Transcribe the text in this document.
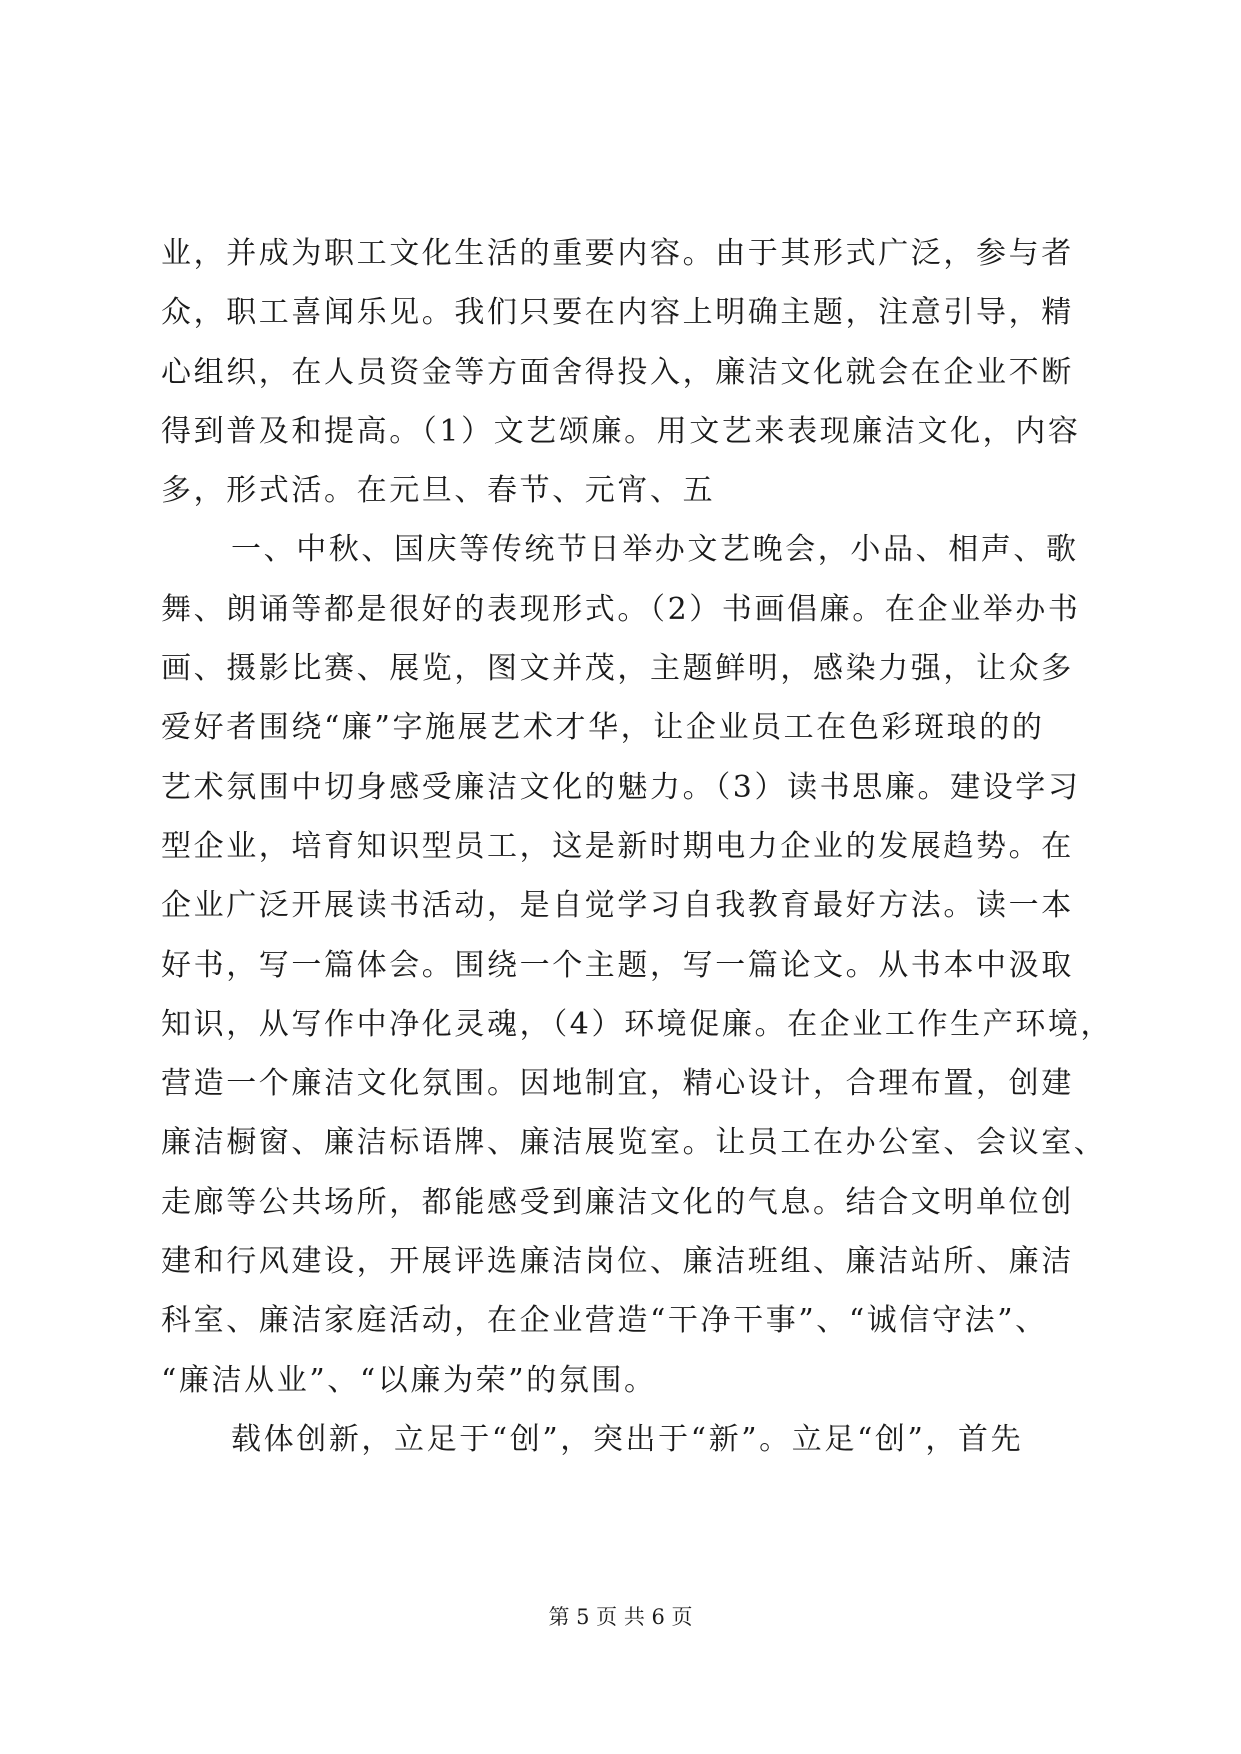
业，并成为职工文化生活的重要内容。由于其形式广泛，参与者
众，职工喜闻乐见。我们只要在内容上明确主题，注意引导，精
心组织，在人员资金等方面舍得投入，廉洁文化就会在企业不断
得到普及和提高。（1）文艺颂廉。用文艺来表现廉洁文化，内容
多，形式活。在元旦、春节、元宵、五
一、中秋、国庆等传统节日举办文艺晚会，小品、相声、歌
舞、朗诵等都是很好的表现形式。（2）书画倡廉。在企业举办书
画、摄影比赛、展览，图文并茂，主题鲜明，感染力强，让众多
爱好者围绕“廉”字施展艺术才华，让企业员工在色彩斑琅的的
艺术氛围中切身感受廉洁文化的魅力。（3）读书思廉。建设学习
型企业，培育知识型员工，这是新时期电力企业的发展趋势。在
企业广泛开展读书活动，是自觉学习自我教育最好方法。读一本
好书，写一篇体会。围绕一个主题，写一篇论文。从书本中汲取
知识，从写作中净化灵魂，（4）环境促廉。在企业工作生产环境，
营造一个廉洁文化氛围。因地制宜，精心设计，合理布置，创建
廉洁橱窗、廉洁标语牌、廉洁展览室。让员工在办公室、会议室、
走廊等公共场所，都能感受到廉洁文化的气息。结合文明单位创
建和行风建设，开展评选廉洁岗位、廉洁班组、廉洁站所、廉洁
科室、廉洁家庭活动，在企业营造“干净干事”、“诚信守法”、
“廉洁从业”、“以廉为荣”的氛围。
载体创新，立足于“创”，突出于“新”。立足“创”，首先
第 5 页 共 6 页
